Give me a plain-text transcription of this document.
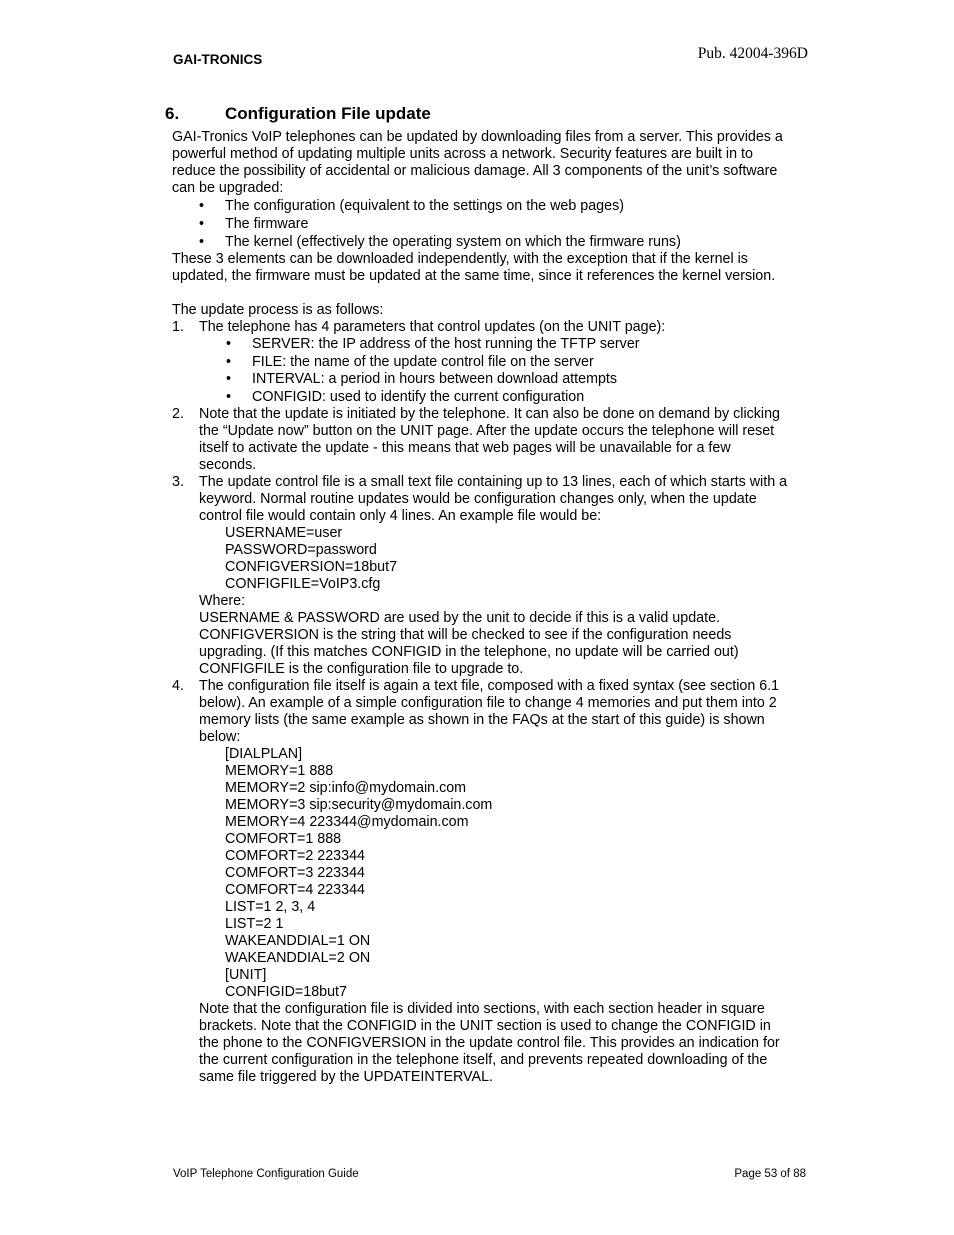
GAI-TRONICS	Pub. 42004-396D
6.	Configuration File update

GAI-Tronics VoIP telephones can be updated by downloading files from a server. This provides a powerful method of updating multiple units across a network. Security features are built in to reduce the possibility of accidental or malicious damage. All 3 components of the unit’s software can be upgraded:

• The configuration (equivalent to the settings on the web pages)
• The firmware
• The kernel (effectively the operating system on which the firmware runs)

These 3 elements can be downloaded independently, with the exception that if the kernel is updated, the firmware must be updated at the same time, since it references the kernel version.

The update process is as follows:

1. The telephone has 4 parameters that control updates (on the UNIT page):

• SERVER: the IP address of the host running the TFTP server
• FILE: the name of the update control file on the server
• INTERVAL: a period in hours between download attempts
• CONFIGID: used to identify the current configuration
2. Note that the update is initiated by the telephone. It can also be done on demand by clicking the “Update now” button on the UNIT page. After the update occurs the telephone will reset itself to activate the update - this means that web pages will be unavailable for a few seconds.

3. The update control file is a small text file containing up to 13 lines, each of which starts with a keyword. Normal routine updates would be configuration changes only, when the update control file would contain only 4 lines. An example file would be:

USERNAME=user
PASSWORD=password
CONFIGVERSION=18but7
CONFIGFILE=VoIP3.cfg

Where:

USERNAME & PASSWORD are used by the unit to decide if this is a valid update.

CONFIGVERSION is the string that will be checked to see if the configuration needs upgrading. (If this matches CONFIGID in the telephone, no update will be carried out)

CONFIGFILE is the configuration file to upgrade to.

4. The configuration file itself is again a text file, composed with a fixed syntax (see section 6.1 below). An example of a simple configuration file to change 4 memories and put them into 2 memory lists (the same example as shown in the FAQs at the start of this guide) is shown below:

[DIALPLAN]
MEMORY=1 888
MEMORY=2 sip:info@mydomain.com
MEMORY=3 sip:security@mydomain.com
MEMORY=4 223344@mydomain.com
COMFORT=1 888
COMFORT=2 223344
COMFORT=3 223344
COMFORT=4 223344
LIST=1 2, 3, 4
LIST=2 1
WAKEANDDIAL=1 ON
WAKEANDDIAL=2 ON
[UNIT]
CONFIGID=18but7

Note that the configuration file is divided into sections, with each section header in square brackets. Note that the CONFIGID in the UNIT section is used to change the CONFIGID in the phone to the CONFIGVERSION in the update control file. This provides an indication for the current configuration in the telephone itself, and prevents repeated downloading of the same file triggered by the UPDATEINTERVAL.

VoIP Telephone Configuration Guide	Page 53 of 88
